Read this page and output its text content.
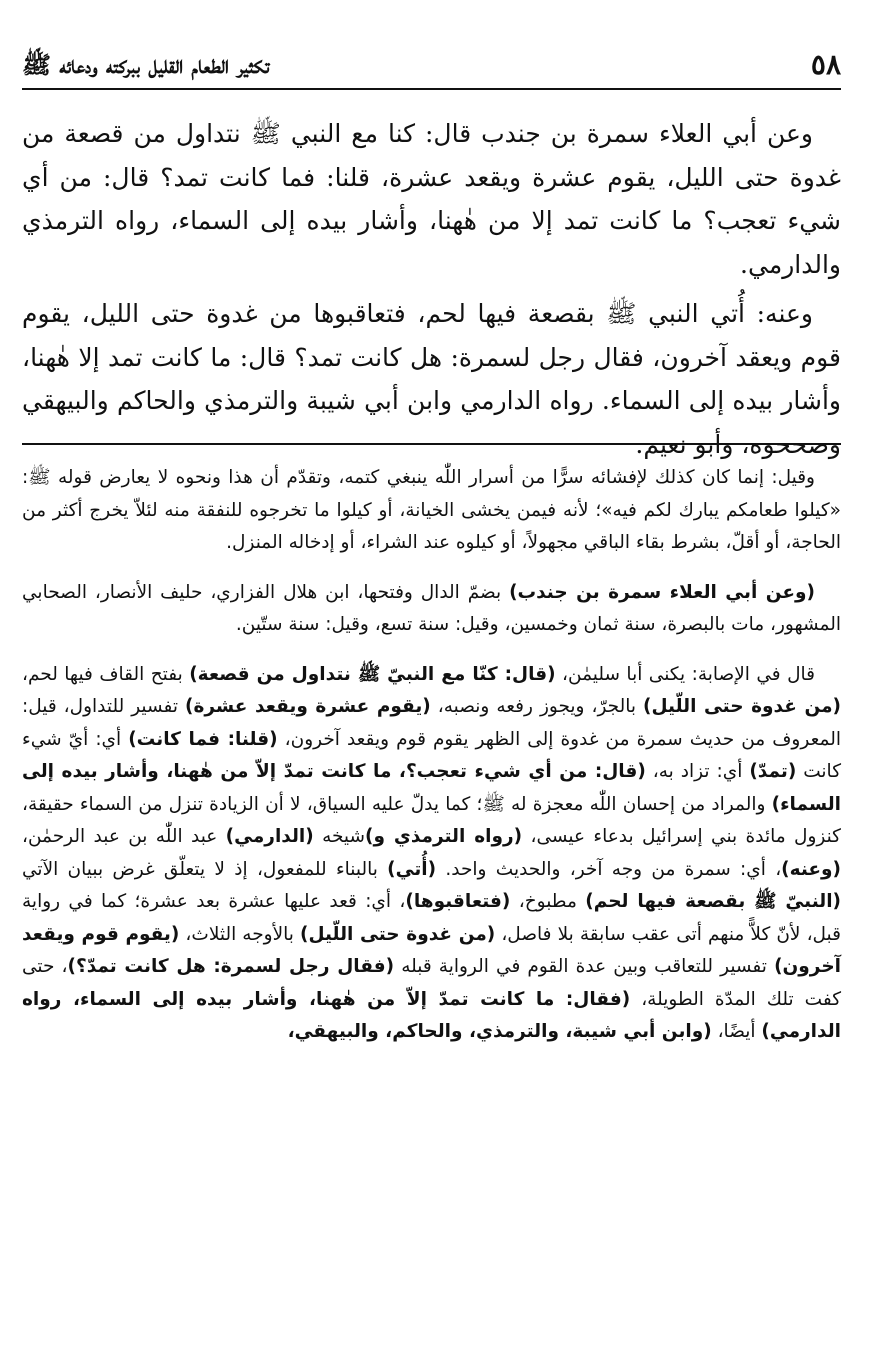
٥٨
تكثير الطعام القليل ببركته ودعائه ﷺ

وعن أبي العلاء سمرة بن جندب قال: كنا مع النبي ﷺ نتداول من قصعة من غدوة حتى الليل، يقوم عشرة ويقعد عشرة، قلنا: فما كانت تمد؟ قال: من أي شيء تعجب؟ ما كانت تمد إلا من هٰهنا، وأشار بيده إلى السماء، رواه الترمذي والدارمي.

وعنه: أُتي النبي ﷺ بقصعة فيها لحم، فتعاقبوها من غدوة حتى الليل، يقوم قوم ويعقد آخرون، فقال رجل لسمرة: هل كانت تمد؟ قال: ما كانت تمد إلا هٰهنا، وأشار بيده إلى السماء. رواه الدارمي وابن أبي شيبة والترمذي والحاكم والبيهقي وصححوه، وأبو نعيم.

وقيل: إنما كان كذلك لإفشائه سرًّا من أسرار اللّٰه ينبغي كتمه، وتقدّم أن هذا ونحوه لا يعارض قوله ﷺ: «كيلوا طعامكم يبارك لكم فيه»؛ لأنه فيمن يخشى الخيانة، أو كيلوا ما تخرجوه للنفقة منه لئلاّ يخرج أكثر من الحاجة، أو أقلّ، بشرط بقاء الباقي مجهولاً، أو كيلوه عند الشراء، أو إدخاله المنزل.

(وعن أبي العلاء سمرة بن جندب) بضمّ الدال وفتحها، ابن هلال الفزاري، حليف الأنصار، الصحابي المشهور، مات بالبصرة، سنة ثمان وخمسين، وقيل: سنة تسع، وقيل: سنة ستّين.

قال في الإصابة: يكنى أبا سليمٰن، (قال: كنّا مع النبيّ ﷺ نتداول من قصعة) بفتح القاف فيها لحم، (من غدوة حتى اللّيل) بالجرّ، ويجوز رفعه ونصبه، (يقوم عشرة ويقعد عشرة) تفسير للتداول، قيل: المعروف من حديث سمرة من غدوة إلى الظهر يقوم قوم ويقعد آخرون، (قلنا: فما كانت) أي: أيّ شيء كانت (تمدّ) أي: تزاد به، (قال: من أي شيء تعجب؟، ما كانت تمدّ إلاّ من هٰهنا، وأشار بيده إلى السماء) والمراد من إحسان اللّٰه معجزة له ﷺ؛ كما يدلّ عليه السياق، لا أن الزيادة تنزل من السماء حقيقة، كنزول مائدة بني إسرائيل بدعاء عيسى، (رواه الترمذي و)شيخه (الدارمي) عبد اللّٰه بن عبد الرحمٰن، (وعنه)، أي: سمرة من وجه آخر، والحديث واحد. (أُتي) بالبناء للمفعول، إذ لا يتعلّق غرض ببيان الآتي (النبيّ ﷺ بقصعة فيها لحم) مطبوخ، (فتعاقبوها)، أي: قعد عليها عشرة بعد عشرة؛ كما في رواية قبل، لأنّ كلاًّ منهم أتى عقب سابقة بلا فاصل، (من غدوة حتى اللّيل) بالأوجه الثلاث، (يقوم قوم ويقعد آخرون) تفسير للتعاقب وبين عدة القوم في الرواية قبله (فقال رجل لسمرة: هل كانت تمدّ؟)، حتى كفت تلك المدّة الطويلة، (فقال: ما كانت تمدّ إلاّ من هٰهنا، وأشار بيده إلى السماء، رواه الدارمي) أيضًا، (وابن أبي شيبة، والترمذي، والحاكم، والبيهقي،
